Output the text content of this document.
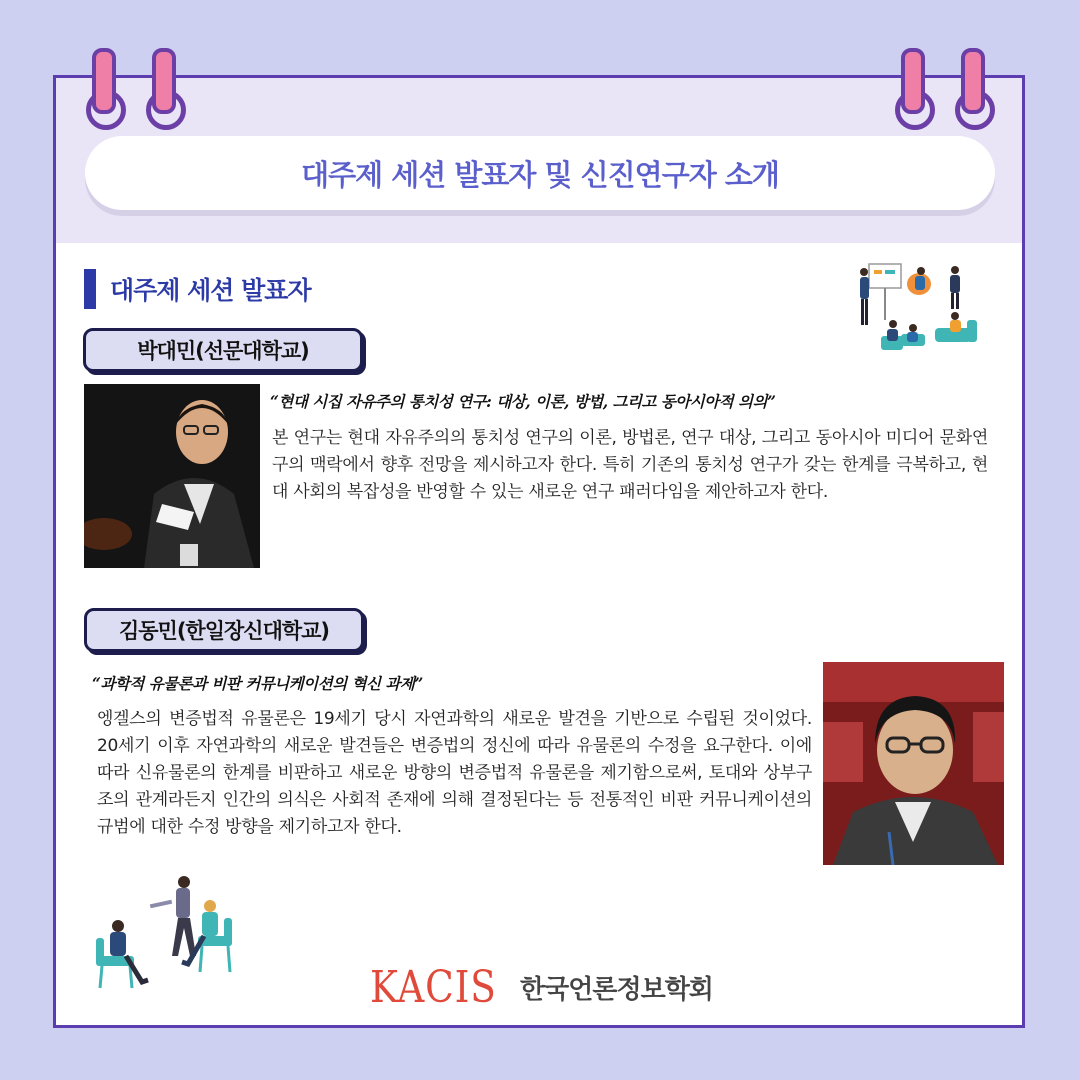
대주제 세션 발표자 및 신진연구자 소개
대주제 세션 발표자
박대민(선문대학교)
“현대 시집 자유주의 통치성 연구: 대상, 이론, 방법, 그리고 동아시아적 의의”
본 연구는 현대 자유주의의 통치성 연구의 이론, 방법론, 연구 대상, 그리고 동아시아 미디어 문화연구의 맥락에서 향후 전망을 제시하고자 한다. 특히 기존의 통치성 연구가 갖는 한계를 극복하고, 현대 사회의 복잡성을 반영할 수 있는 새로운 연구 패러다임을 제안하고자 한다.
김동민(한일장신대학교)
“과학적 유물론과 비판 커뮤니케이션의 혁신 과제”
엥겔스의 변증법적 유물론은 19세기 당시 자연과학의 새로운 발견을 기반으로 수립된 것이었다. 20세기 이후 자연과학의 새로운 발견들은 변증법의 정신에 따라 유물론의 수정을 요구한다. 이에 따라 신유물론의 한계를 비판하고 새로운 방향의 변증법적 유물론을 제기함으로써, 토대와 상부구조의 관계라든지 인간의 의식은 사회적 존재에 의해 결정된다는 등 전통적인 비판 커뮤니케이션의 규범에 대한 수정 방향을 제기하고자 한다.
KACIS 한국언론정보학회
